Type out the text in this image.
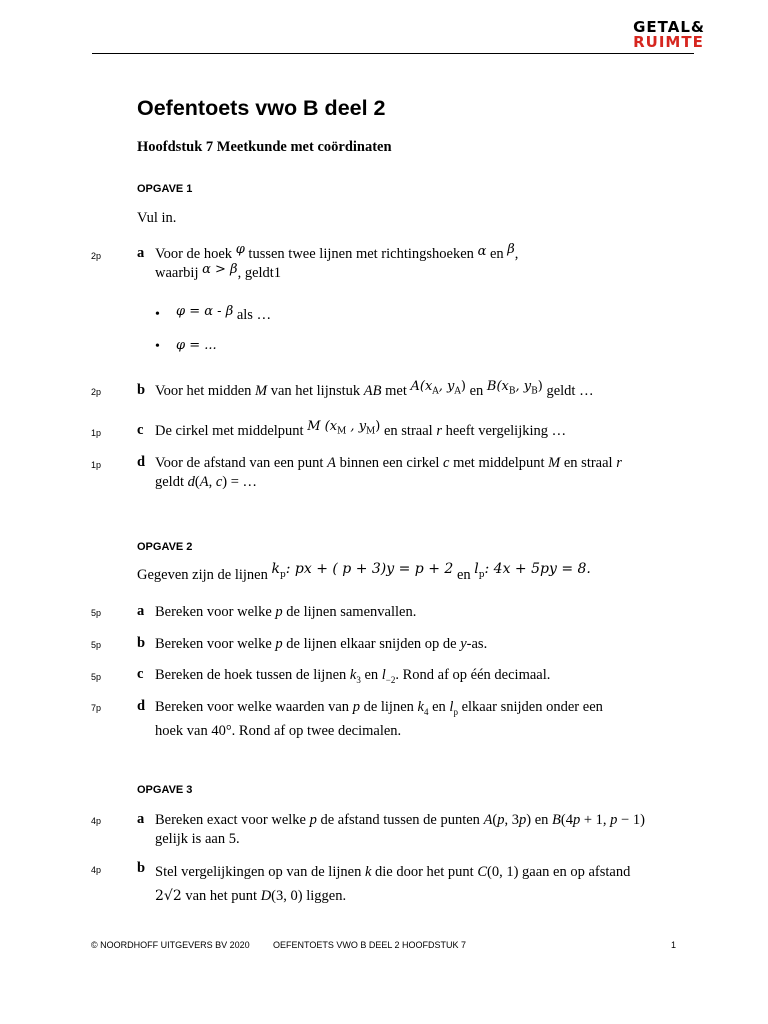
GETAL&
RUIMTE
Oefentoets vwo B deel 2
Hoofdstuk 7 Meetkunde met coördinaten
OPGAVE 1
Vul in.
2p a Voor de hoek φ tussen twee lijnen met richtingshoeken α en β,
waarbij α > β, geldt1
• φ = α - β als …
• φ = ...
2p b Voor het midden M van het lijnstuk AB met $A(x_A$, $y_A$) en $B(x_B$, $y_B$) geldt …
1p c De cirkel met middelpunt M ($x_M$ , $y_M$) en straal r heeft vergelijking …
1p d Voor de afstand van een punt A binnen een cirkel c met middelpunt M en straal r
geldt d(A, c) = …
OPGAVE 2
Gegeven zijn de lijnen $k_p$: px + ( p + 3)y = p + 2 en $l_p$: 4x + 5py = 8.
5p a Bereken voor welke p de lijnen samenvallen.
5p b Bereken voor welke p de lijnen elkaar snijden op de y-as.
5p c Bereken de hoek tussen de lijnen $k_3$ en $l_{-2}$. Rond af op één decimaal.
7p d Bereken voor welke waarden van p de lijnen $k_4$ en $l_p$ elkaar snijden onder een
hoek van 40°. Rond af op twee decimalen.
OPGAVE 3
4p a Bereken exact voor welke p de afstand tussen de punten A(p, 3p) en B(4p + 1, p − 1)
gelijk is aan 5.
4p b Stel vergelijkingen op van de lijnen k die door het punt C(0, 1) gaan en op afstand
2√2 van het punt D(3, 0) liggen.
© NOORDHOFF UITGEVERS BV 2020	OEFENTOETS VWO B DEEL 2 HOOFDSTUK 7	1
